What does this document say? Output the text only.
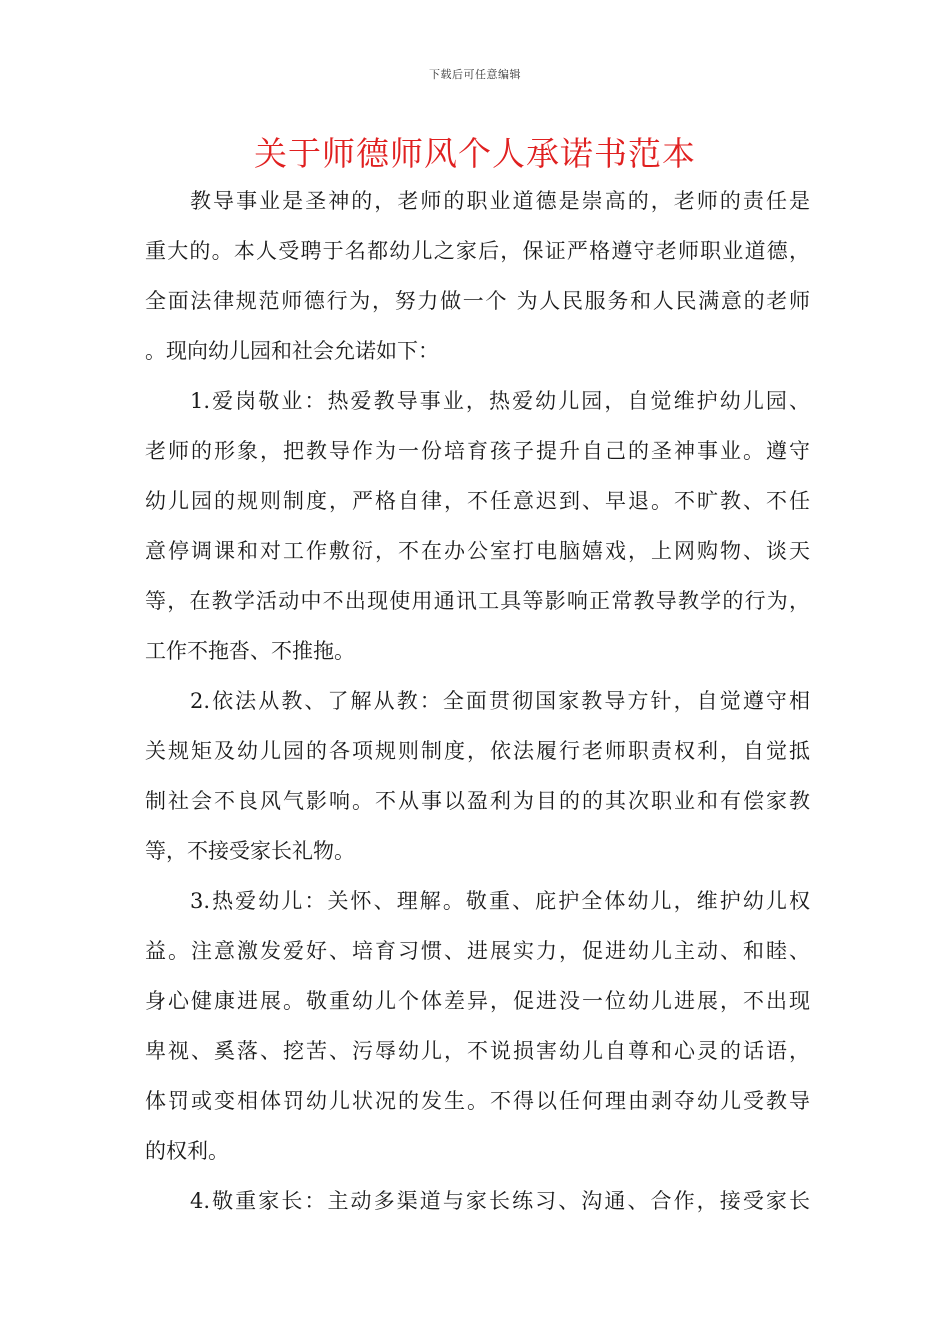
下载后可任意编辑
关于师德师风个人承诺书范本
教导事业是圣神的，老师的职业道德是崇高的，老师的责任是
重大的。本人受聘于名都幼儿之家后，保证严格遵守老师职业道德，
全面法律规范师德行为，努力做一个 为人民服务和人民满意的老师
。现向幼儿园和社会允诺如下：
1.爱岗敬业：热爱教导事业，热爱幼儿园，自觉维护幼儿园、
老师的形象，把教导作为一份培育孩子提升自己的圣神事业。遵守
幼儿园的规则制度，严格自律，不任意迟到、早退。不旷教、不任
意停调课和对工作敷衍，不在办公室打电脑嬉戏，上网购物、谈天
等，在教学活动中不出现使用通讯工具等影响正常教导教学的行为，
工作不拖沓、不推拖。
2.依法从教、了解从教：全面贯彻国家教导方针，自觉遵守相
关规矩及幼儿园的各项规则制度，依法履行老师职责权利，自觉抵
制社会不良风气影响。不从事以盈利为目的的其次职业和有偿家教
等，不接受家长礼物。
3.热爱幼儿：关怀、理解。敬重、庇护全体幼儿，维护幼儿权
益。注意激发爱好、培育习惯、进展实力，促进幼儿主动、和睦、
身心健康进展。敬重幼儿个体差异，促进没一位幼儿进展，不出现
卑视、奚落、挖苦、污辱幼儿，不说损害幼儿自尊和心灵的话语，
体罚或变相体罚幼儿状况的发生。不得以任何理由剥夺幼儿受教导
的权利。
4.敬重家长：主动多渠道与家长练习、沟通、合作，接受家长
